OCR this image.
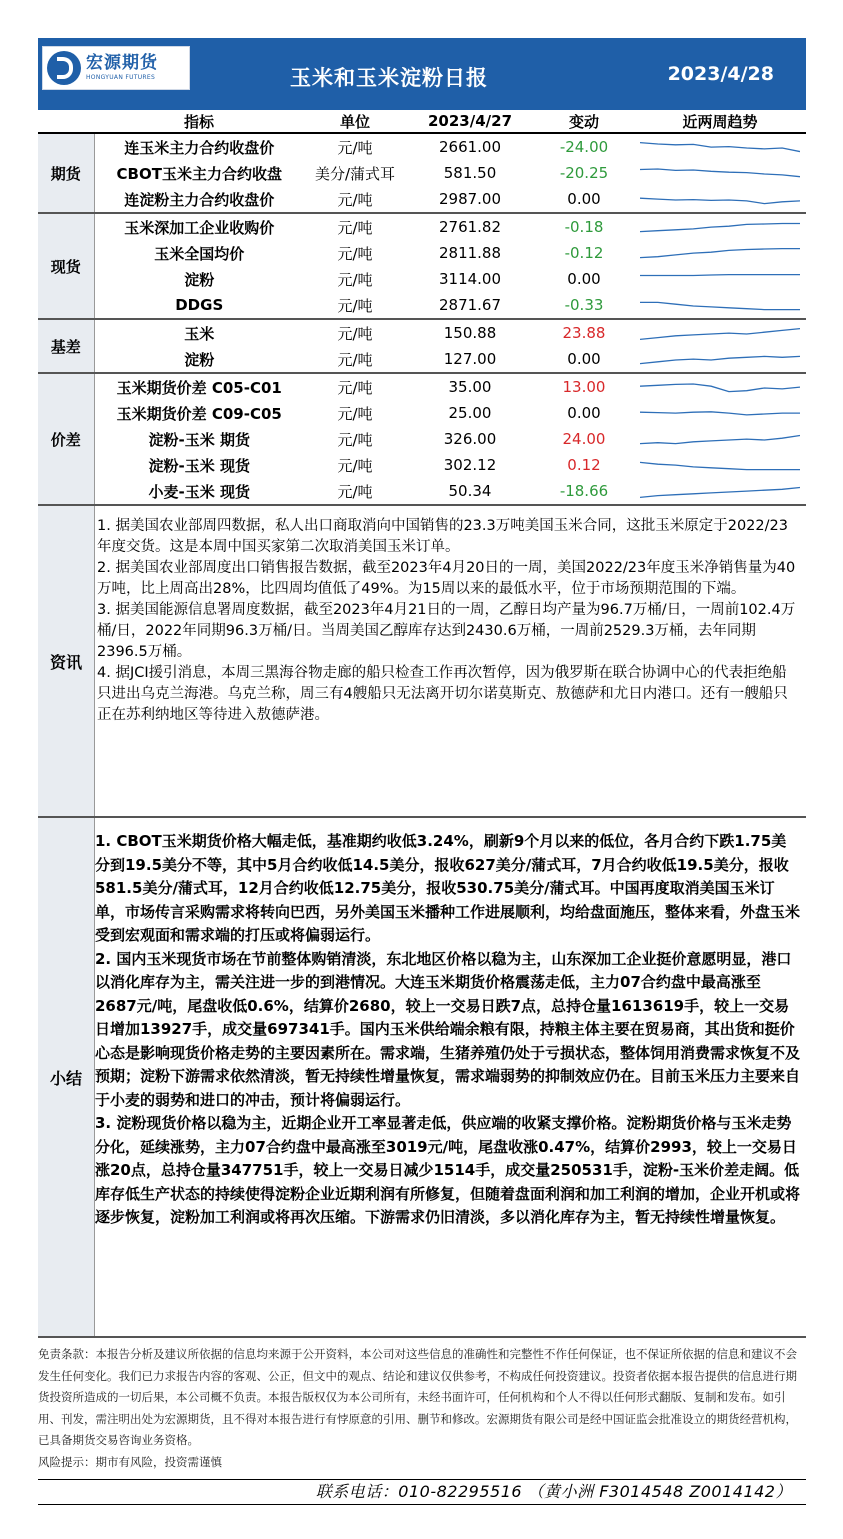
宏源期货
HONGYUAN FUTURES	玉米和玉米淀粉日报	2023/4/28
	指标	单位	2023/4/27	变动	近两周趋势
期货	连玉米主力合约收盘价	元/吨	2661.00	-24.00	

	CBOT玉米主力合约收盘	美分/蒲式耳	581.50	-20.25	

	连淀粉主力合约收盘价	元/吨	2987.00	0.00	

现货	玉米深加工企业收购价	元/吨	2761.82	-0.18	

	玉米全国均价	元/吨	2811.88	-0.12	

	淀粉	元/吨	3114.00	0.00	

	DDGS	元/吨	2871.67	-0.33	

基差	玉米	元/吨	150.88	23.88	

	淀粉	元/吨	127.00	0.00	

价差	玉米期货价差 C05-C01	元/吨	35.00	13.00	

	玉米期货价差 C09-C05	元/吨	25.00	0.00	

	淀粉-玉米 期货	元/吨	326.00	24.00	

	淀粉-玉米 现货	元/吨	302.12	0.12	

	小麦-玉米 现货	元/吨	50.34	-18.66	
资讯

1. 据美国农业部周四数据，私人出口商取消向中国销售的23.3万吨美国玉米合同，这批玉米原定于2022/23年度交货。这是本周中国买家第二次取消美国玉米订单。

2. 据美国农业部周度出口销售报告数据，截至2023年4月20日的一周，美国2022/23年度玉米净销售量为40万吨，比上周高出28%，比四周均值低了49%。为15周以来的最低水平，位于市场预期范围的下端。

3. 据美国能源信息署周度数据，截至2023年4月21日的一周，乙醇日均产量为96.7万桶/日，一周前102.4万桶/日，2022年同期96.3万桶/日。当周美国乙醇库存达到2430.6万桶，一周前2529.3万桶，去年同期2396.5万桶。

4. 据JCI援引消息，本周三黑海谷物走廊的船只检查工作再次暂停，因为俄罗斯在联合协调中心的代表拒绝船只进出乌克兰海港。乌克兰称，周三有4艘船只无法离开切尔诺莫斯克、敖德萨和尤日内港口。还有一艘船只正在苏利纳地区等待进入敖德萨港。

小结

1. CBOT玉米期货价格大幅走低，基准期约收低3.24%，刷新9个月以来的低位，各月合约下跌1.75美分到19.5美分不等，其中5月合约收低14.5美分，报收627美分/蒲式耳，7月合约收低19.5美分，报收581.5美分/蒲式耳，12月合约收低12.75美分，报收530.75美分/蒲式耳。中国再度取消美国玉米订单，市场传言采购需求将转向巴西，另外美国玉米播种工作进展顺利，均给盘面施压，整体来看，外盘玉米受到宏观面和需求端的打压或将偏弱运行。

2. 国内玉米现货市场在节前整体购销清淡，东北地区价格以稳为主，山东深加工企业挺价意愿明显，港口以消化库存为主，需关注进一步的到港情况。大连玉米期货价格震荡走低，主力07合约盘中最高涨至2687元/吨，尾盘收低0.6%，结算价2680，较上一交易日跌7点，总持仓量1613619手，较上一交易日增加13927手，成交量697341手。国内玉米供给端余粮有限，持粮主体主要在贸易商，其出货和挺价心态是影响现货价格走势的主要因素所在。需求端，生猪养殖仍处于亏损状态，整体饲用消费需求恢复不及预期；淀粉下游需求依然清淡，暂无持续性增量恢复，需求端弱势的抑制效应仍在。目前玉米压力主要来自于小麦的弱势和进口的冲击，预计将偏弱运行。

3. 淀粉现货价格以稳为主，近期企业开工率显著走低，供应端的收紧支撑价格。淀粉期货价格与玉米走势分化，延续涨势，主力07合约盘中最高涨至3019元/吨，尾盘收涨0.47%，结算价2993，较上一交易日涨20点，总持仓量347751手，较上一交易日减少1514手，成交量250531手，淀粉-玉米价差走阔。低库存低生产状态的持续使得淀粉企业近期利润有所修复，但随着盘面利润和加工利润的增加，企业开机或将逐步恢复，淀粉加工利润或将再次压缩。下游需求仍旧清淡，多以消化库存为主，暂无持续性增量恢复。

免责条款：本报告分析及建议所依据的信息均来源于公开资料，本公司对这些信息的准确性和完整性不作任何保证，也不保证所依据的信息和建议不会发生任何变化。我们已力求报告内容的客观、公正，但文中的观点、结论和建议仅供参考，不构成任何投资建议。投资者依据本报告提供的信息进行期货投资所造成的一切后果，本公司概不负责。本报告版权仅为本公司所有，未经书面许可，任何机构和个人不得以任何形式翻版、复制和发布。如引用、刊发，需注明出处为宏源期货，且不得对本报告进行有悖原意的引用、删节和修改。宏源期货有限公司是经中国证监会批准设立的期货经营机构，已具备期货交易咨询业务资格。

风险提示：期市有风险，投资需谨慎

联系电话：010-82295516 （黄小洲 F3014548 Z0014142）
